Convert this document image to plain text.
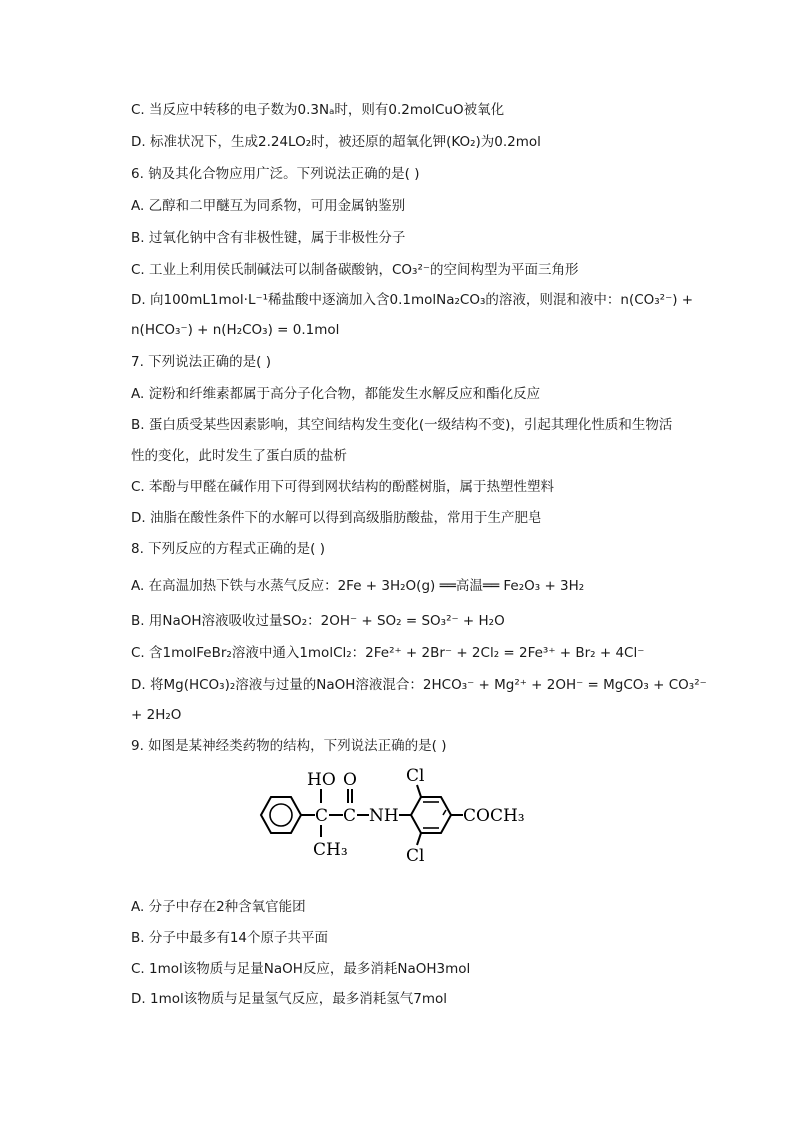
C. 当反应中转移的电子数为0.3Nₐ时，则有0.2molCuO被氧化
D. 标准状况下，生成2.24LO₂时，被还原的超氧化钾(KO₂)为0.2mol
6. 钠及其化合物应用广泛。下列说法正确的是( )
A. 乙醇和二甲醚互为同系物，可用金属钠鉴别
B. 过氧化钠中含有非极性键，属于非极性分子
C. 工业上利用侯氏制碱法可以制备碳酸钠，CO₃²⁻的空间构型为平面三角形
D. 向100mL1mol·L⁻¹稀盐酸中逐滴加入含0.1molNa₂CO₃的溶液，则混和液中：n(CO₃²⁻) +
n(HCO₃⁻) + n(H₂CO₃) = 0.1mol
7. 下列说法正确的是( )
A. 淀粉和纤维素都属于高分子化合物，都能发生水解反应和酯化反应
B. 蛋白质受某些因素影响，其空间结构发生变化(一级结构不变)，引起其理化性质和生物活
性的变化，此时发生了蛋白质的盐析
C. 苯酚与甲醛在碱作用下可得到网状结构的酚醛树脂，属于热塑性塑料
D. 油脂在酸性条件下的水解可以得到高级脂肪酸盐，常用于生产肥皂
8. 下列反应的方程式正确的是( )
A. 在高温加热下铁与水蒸气反应：2Fe + 3H₂O(g) ══高温══ Fe₂O₃ + 3H₂
B. 用NaOH溶液吸收过量SO₂：2OH⁻ + SO₂ = SO₃²⁻ + H₂O
C. 含1molFeBr₂溶液中通入1molCl₂：2Fe²⁺ + 2Br⁻ + 2Cl₂ = 2Fe³⁺ + Br₂ + 4Cl⁻
D. 将Mg(HCO₃)₂溶液与过量的NaOH溶液混合：2HCO₃⁻ + Mg²⁺ + 2OH⁻ = MgCO₃ + CO₃²⁻
+ 2H₂O
9. 如图是某神经类药物的结构，下列说法正确的是( )
C
HO
CH₃
C
O
NH
Cl
Cl
COCH₃
A. 分子中存在2种含氧官能团
B. 分子中最多有14个原子共平面
C. 1mol该物质与足量NaOH反应，最多消耗NaOH3mol
D. 1mol该物质与足量氢气反应，最多消耗氢气7mol
